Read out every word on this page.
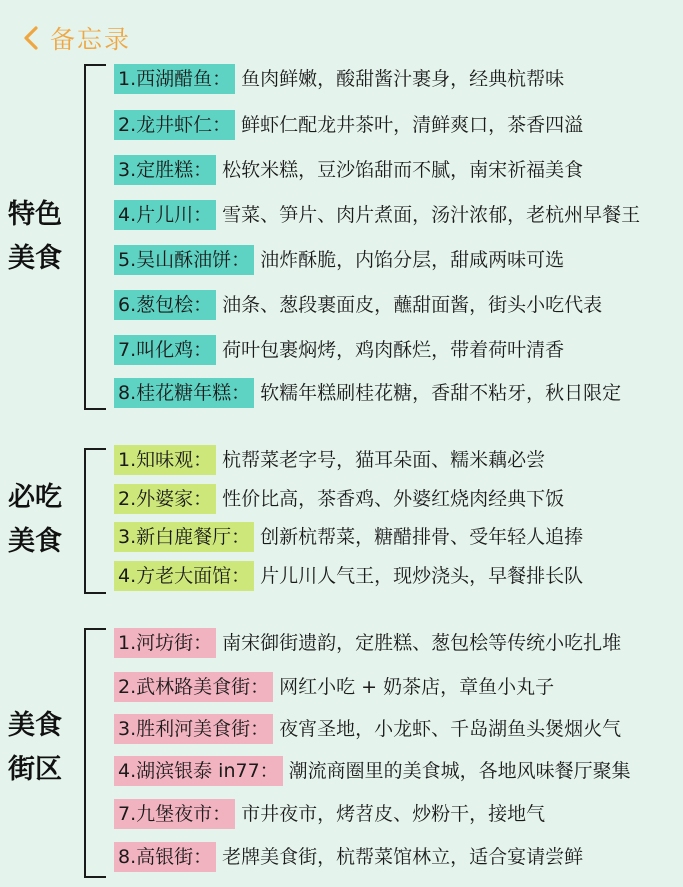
备忘录
特色
美食
1.西湖醋鱼： 鱼肉鲜嫩，酸甜酱汁裹身，经典杭帮味
2.龙井虾仁： 鲜虾仁配龙井茶叶，清鲜爽口，茶香四溢
3.定胜糕： 松软米糕，豆沙馅甜而不腻，南宋祈福美食
4.片儿川： 雪菜、笋片、肉片煮面，汤汁浓郁，老杭州早餐王
5.吴山酥油饼： 油炸酥脆，内馅分层，甜咸两味可选
6.葱包桧： 油条、葱段裹面皮，蘸甜面酱，街头小吃代表
7.叫化鸡： 荷叶包裹焖烤，鸡肉酥烂，带着荷叶清香
8.桂花糖年糕： 软糯年糕刷桂花糖，香甜不粘牙，秋日限定
必吃
美食
1.知味观： 杭帮菜老字号，猫耳朵面、糯米藕必尝
2.外婆家： 性价比高，茶香鸡、外婆红烧肉经典下饭
3.新白鹿餐厅： 创新杭帮菜，糖醋排骨、受年轻人追捧
4.方老大面馆： 片儿川人气王，现炒浇头，早餐排长队
美食
街区
1.河坊街： 南宋御街遗韵，定胜糕、葱包桧等传统小吃扎堆
2.武林路美食街： 网红小吃 + 奶茶店，章鱼小丸子
3.胜利河美食街： 夜宵圣地，小龙虾、千岛湖鱼头煲烟火气
4.湖滨银泰 in77： 潮流商圈里的美食城，各地风味餐厅聚集
7.九堡夜市： 市井夜市，烤苕皮、炒粉干，接地气
8.高银街： 老牌美食街，杭帮菜馆林立，适合宴请尝鲜
